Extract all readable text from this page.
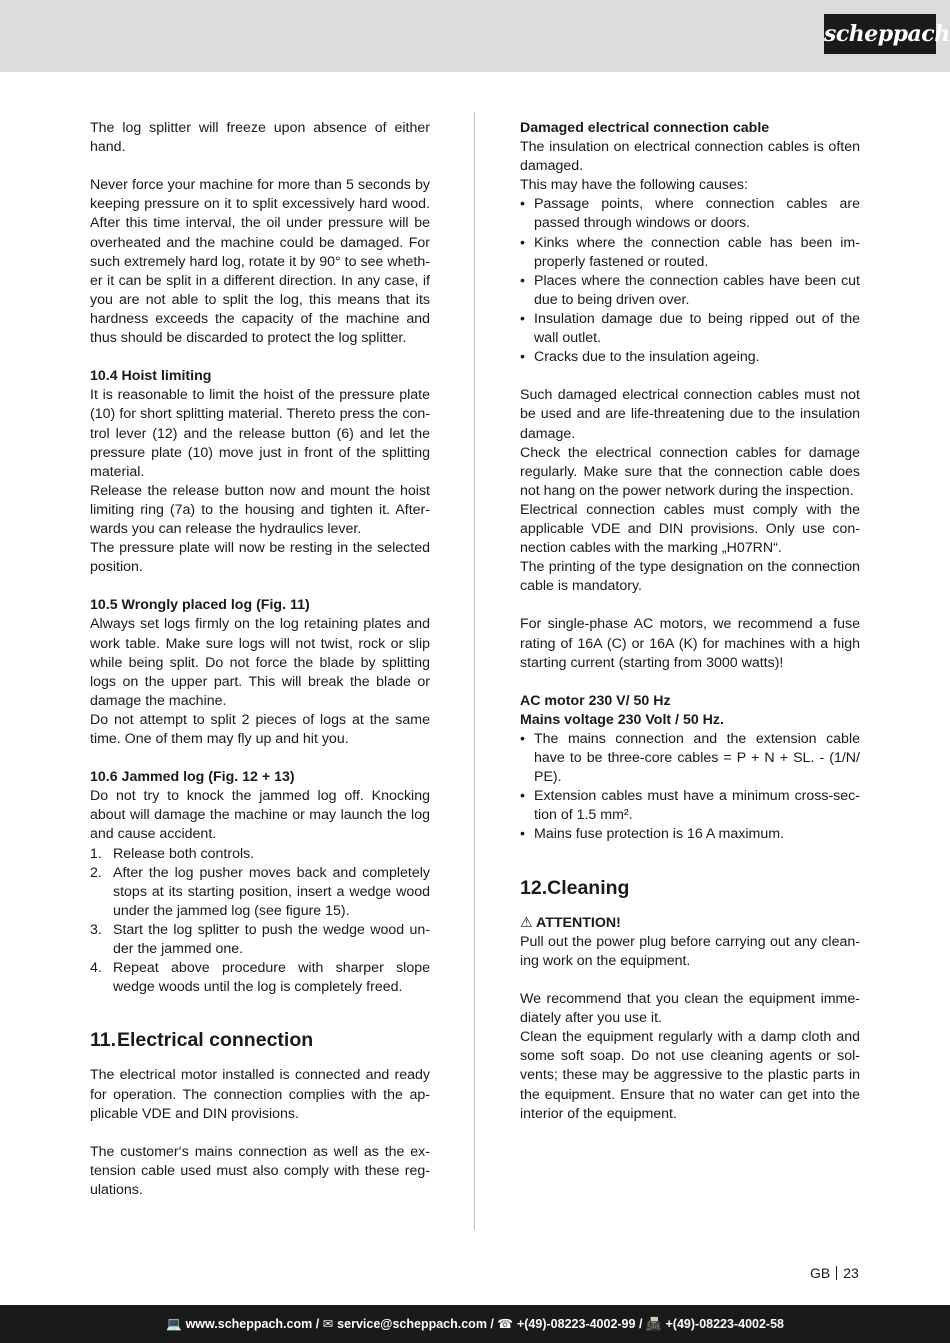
scheppach

The log splitter will freeze upon absence of either hand.

Never force your machine for more than 5 seconds by keeping pressure on it to split excessively hard wood. After this time interval, the oil under pressure will be overheated and the machine could be damaged. For such extremely hard log, rotate it by 90° to see whether it can be split in a different direction. In any case, if you are not able to split the log, this means that its hardness exceeds the capacity of the machine and thus should be discarded to protect the log splitter.

10.4 Hoist limiting

It is reasonable to limit the hoist of the pressure plate (10) for short splitting material. Thereto press the control lever (12) and the release button (6) and let the pressure plate (10) move just in front of the splitting material.

Release the release button now and mount the hoist limiting ring (7a) to the housing and tighten it. Afterwards you can release the hydraulics lever.

The pressure plate will now be resting in the selected position.

10.5 Wrongly placed log (Fig. 11)

Always set logs firmly on the log retaining plates and work table. Make sure logs will not twist, rock or slip while being split. Do not force the blade by splitting logs on the upper part. This will break the blade or damage the machine.

Do not attempt to split 2 pieces of logs at the same time. One of them may fly up and hit you.

10.6 Jammed log (Fig. 12 + 13)

Do not try to knock the jammed log off. Knocking about will damage the machine or may launch the log and cause accident.

1. Release both controls.
2. After the log pusher moves back and completely stops at its starting position, insert a wedge wood under the jammed log (see figure 15).
3. Start the log splitter to push the wedge wood under the jammed one.
4. Repeat above procedure with sharper slope wedge woods until the log is completely freed.
11.Electrical connection

The electrical motor installed is connected and ready for operation. The connection complies with the applicable VDE and DIN provisions.

The customer‘s mains connection as well as the extension cable used must also comply with these regulations.

Damaged electrical connection cable

The insulation on electrical connection cables is often damaged.

This may have the following causes:

• Passage points, where connection cables are passed through windows or doors.
• Kinks where the connection cable has been improperly fastened or routed.
• Places where the connection cables have been cut due to being driven over.
• Insulation damage due to being ripped out of the wall outlet.
• Cracks due to the insulation ageing.

Such damaged electrical connection cables must not be used and are life-threatening due to the insulation damage.

Check the electrical connection cables for damage regularly. Make sure that the connection cable does not hang on the power network during the inspection.

Electrical connection cables must comply with the applicable VDE and DIN provisions. Only use connection cables with the marking „H07RN“.

The printing of the type designation on the connection cable is mandatory.

For single-phase AC motors, we recommend a fuse rating of 16A (C) or 16A (K) for machines with a high starting current (starting from 3000 watts)!

AC motor 230 V/ 50 Hz

Mains voltage 230 Volt / 50 Hz.

• The mains connection and the extension cable have to be three-core cables = P + N + SL. - (1/N/ PE).
• Extension cables must have a minimum cross-section of 1.5 mm².
• Mains fuse protection is 16 A maximum.
12.Cleaning

⚠ ATTENTION!

Pull out the power plug before carrying out any cleaning work on the equipment.

We recommend that you clean the equipment immediately after you use it.

Clean the equipment regularly with a damp cloth and some soft soap. Do not use cleaning agents or solvents; these may be aggressive to the plastic parts in the equipment. Ensure that no water can get into the interior of the equipment.

GB 23
💻 www.scheppach.com / ✉ service@scheppach.com / ☎ +(49)-08223-4002-99 / 📠 +(49)-08223-4002-58
